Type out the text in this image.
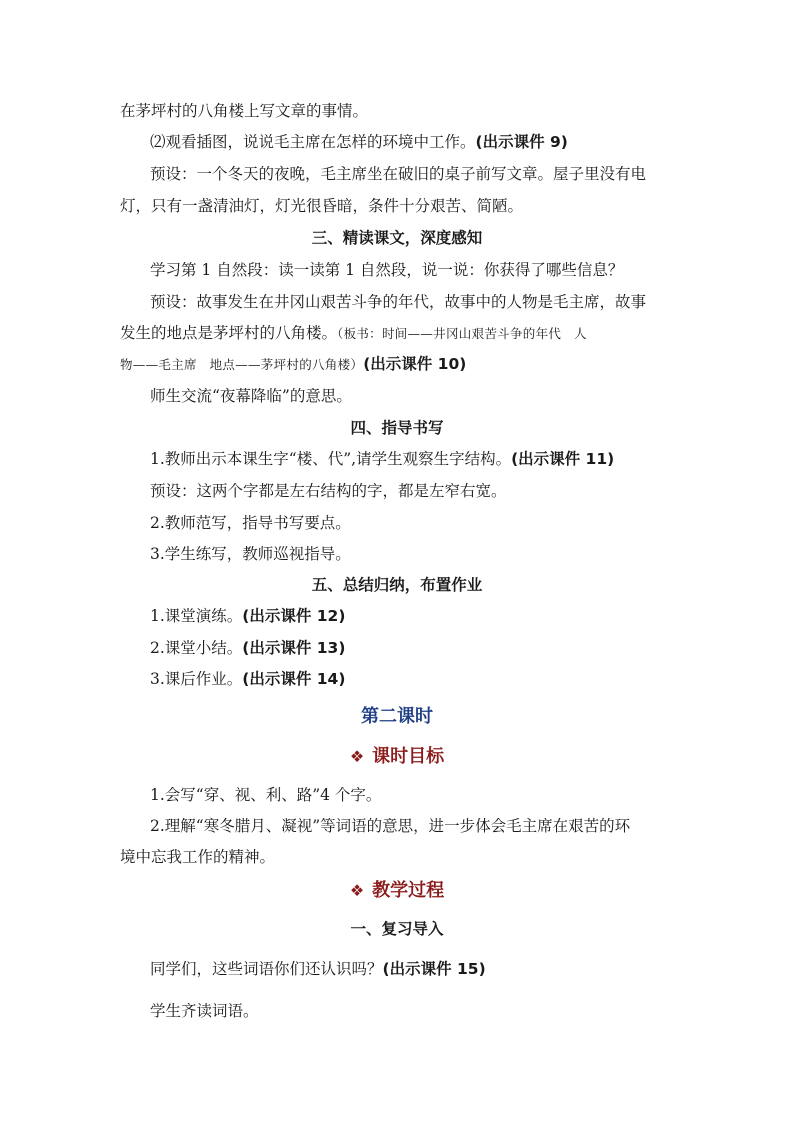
在茅坪村的八角楼上写文章的事情。
⑵观看插图，说说毛主席在怎样的环境中工作。(出示课件 9)
预设：一个冬天的夜晚，毛主席坐在破旧的桌子前写文章。屋子里没有电
灯，只有一盏清油灯，灯光很昏暗，条件十分艰苦、简陋。
三、精读课文，深度感知
学习第 1 自然段：读一读第 1 自然段，说一说：你获得了哪些信息？
预设：故事发生在井冈山艰苦斗争的年代，故事中的人物是毛主席，故事
发生的地点是茅坪村的八角楼。（板书：时间——井冈山艰苦斗争的年代　人
物——毛主席　地点——茅坪村的八角楼）(出示课件 10)
师生交流“夜幕降临”的意思。
四、指导书写
1.教师出示本课生字“楼、代”,请学生观察生字结构。(出示课件 11)
预设：这两个字都是左右结构的字，都是左窄右宽。
2.教师范写，指导书写要点。
3.学生练写，教师巡视指导。
五、总结归纳，布置作业
1.课堂演练。(出示课件 12)
2.课堂小结。(出示课件 13)
3.课后作业。(出示课件 14)
第二课时
❖ 课时目标
1.会写“穿、视、利、路”4 个字。
2.理解“寒冬腊月、凝视”等词语的意思，进一步体会毛主席在艰苦的环
境中忘我工作的精神。
❖ 教学过程
一、复习导入
同学们，这些词语你们还认识吗？(出示课件 15)
学生齐读词语。
